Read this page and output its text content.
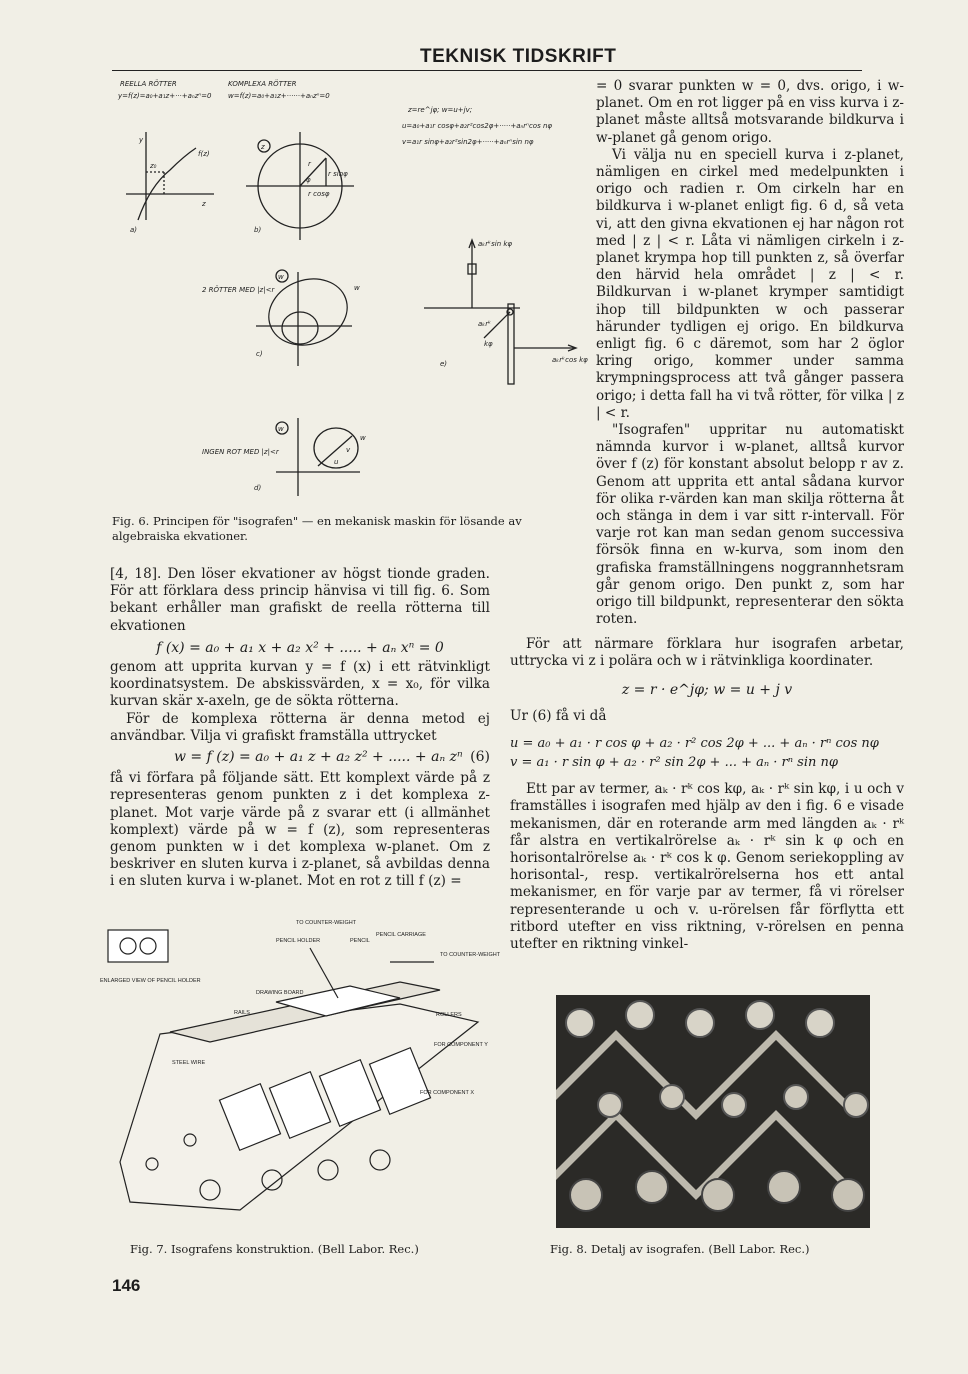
TEKNISK TIDSKRIFT
REELLA RÖTTER
y=f(z)=a₀+a₁z+···+aₙzⁿ=0
y
f(z)
z
z₀
a)
KOMPLEXA RÖTTER
w=f(z)=a₀+a₁z+······+aₙzⁿ=0
z
r
r sinφ
r cosφ
φ
b)
z=re^jφ; w=u+jv;
u=a₀+a₁r cosφ+a₂r²cos2φ+·····+aₙrⁿcos nφ
v=a₁r sinφ+a₂r²sin2φ+·····+aₙrⁿsin nφ
w
2 RÖTTER MED |z|<r	w
c)
w
INGEN ROT MED |z|<r
w
u
v
d)
aₖrᵏsin kφ
aₖrᵏcos kφ
aₖrᵏ
kφ
e)
Fig. 6. Principen för "isografen" — en mekanisk maskin för lösande av algebraiska ekvationer.

[4, 18]. Den löser ekvationer av högst tionde graden. För att förklara dess princip hänvisa vi till fig. 6. Som bekant erhåller man grafiskt de reella rötterna till ekvationen

f (x) = a₀ + a₁ x + a₂ x² + ..... + aₙ xⁿ = 0

genom att upprita kurvan y = f (x) i ett rätvinkligt koordinatsystem. De abskissvärden, x = x₀, för vilka kurvan skär x-axeln, ge de sökta rötterna.

För de komplexa rötterna är denna metod ej användbar. Vilja vi grafiskt framställa uttrycket

w = f (z) = a₀ + a₁ z + a₂ z² + ..... + aₙ zⁿ (6)

få vi förfara på följande sätt. Ett komplext värde på z representeras genom punkten z i det komplexa z-planet. Mot varje värde på z svarar ett (i allmänhet komplext) värde på w = f (z), som representeras genom punkten w i det komplexa w-planet. Om z beskriver en sluten kurva i z-planet, så avbildas denna i en sluten kurva i w-planet. Mot en rot z till f (z) =

= 0 svarar punkten w = 0, dvs. origo, i w-planet. Om en rot ligger på en viss kurva i z-planet måste alltså motsvarande bildkurva i w-planet gå genom origo.

Vi välja nu en speciell kurva i z-planet, nämligen en cirkel med medelpunkten i origo och radien r. Om cirkeln har en bildkurva i w-planet enligt fig. 6 d, så veta vi, att den givna ekvationen ej har någon rot med | z | < r. Låta vi nämligen cirkeln i z-planet krympa hop till punkten z, så överfar den härvid hela området | z | < r. Bildkurvan i w-planet krymper samtidigt ihop till bildpunkten w och passerar härunder tydligen ej origo. En bildkurva enligt fig. 6 c däremot, som har 2 öglor kring origo, kommer under samma krympningsprocess att två gånger passera origo; i detta fall ha vi två rötter, för vilka | z | < r.

"Isografen" uppritar nu automatiskt nämnda kurvor i w-planet, alltså kurvor över f (z) för konstant absolut belopp r av z. Genom att upprita ett antal sådana kurvor för olika r-värden kan man skilja rötterna åt och stänga in dem i var sitt r-intervall. För varje rot kan man sedan genom successiva försök finna en w-kurva, som inom den grafiska framställningens noggrannhetsram går genom origo. Den punkt z, som har origo till bildpunkt, representerar den sökta roten.

För att närmare förklara hur isografen arbetar, uttrycka vi z i polära och w i rätvinkliga koordinater.

z = r · e^jφ; w = u + j v

Ur (6) få vi då

u = a₀ + a₁ · r cos φ + a₂ · r² cos 2φ + ... + aₙ · rⁿ cos nφ
v = a₁ · r sin φ + a₂ · r² sin 2φ + ... + aₙ · rⁿ sin nφ

Ett par av termer, aₖ · rᵏ cos kφ, aₖ · rᵏ sin kφ, i u och v framställes i isografen med hjälp av den i fig. 6 e visade mekanismen, där en roterande arm med längden aₖ · rᵏ får alstra en vertikalrörelse aₖ · rᵏ sin k φ och en horisontalrörelse aₖ · rᵏ cos k φ. Genom seriekoppling av horisontal-, resp. vertikalrörelserna hos ett antal mekanismer, en för varje par av termer, få vi rörelser representerande u och v. u-rörelsen får förflytta ett ritbord utefter en viss riktning, v-rörelsen en penna utefter en riktning vinkel-

TO COUNTER-WEIGHT
PENCIL HOLDER	PENCIL
PENCIL CARRIAGE
TO COUNTER-WEIGHT
ENLARGED VIEW OF PENCIL HOLDER
DRAWING BOARD
RAILS	ROLLERS
STEEL WIRE
FOR COMPONENT Y
FOR COMPONENT X
Fig. 7. Isografens konstruktion. (Bell Labor. Rec.)	Fig. 8. Detalj av isografen. (Bell Labor. Rec.)
146
